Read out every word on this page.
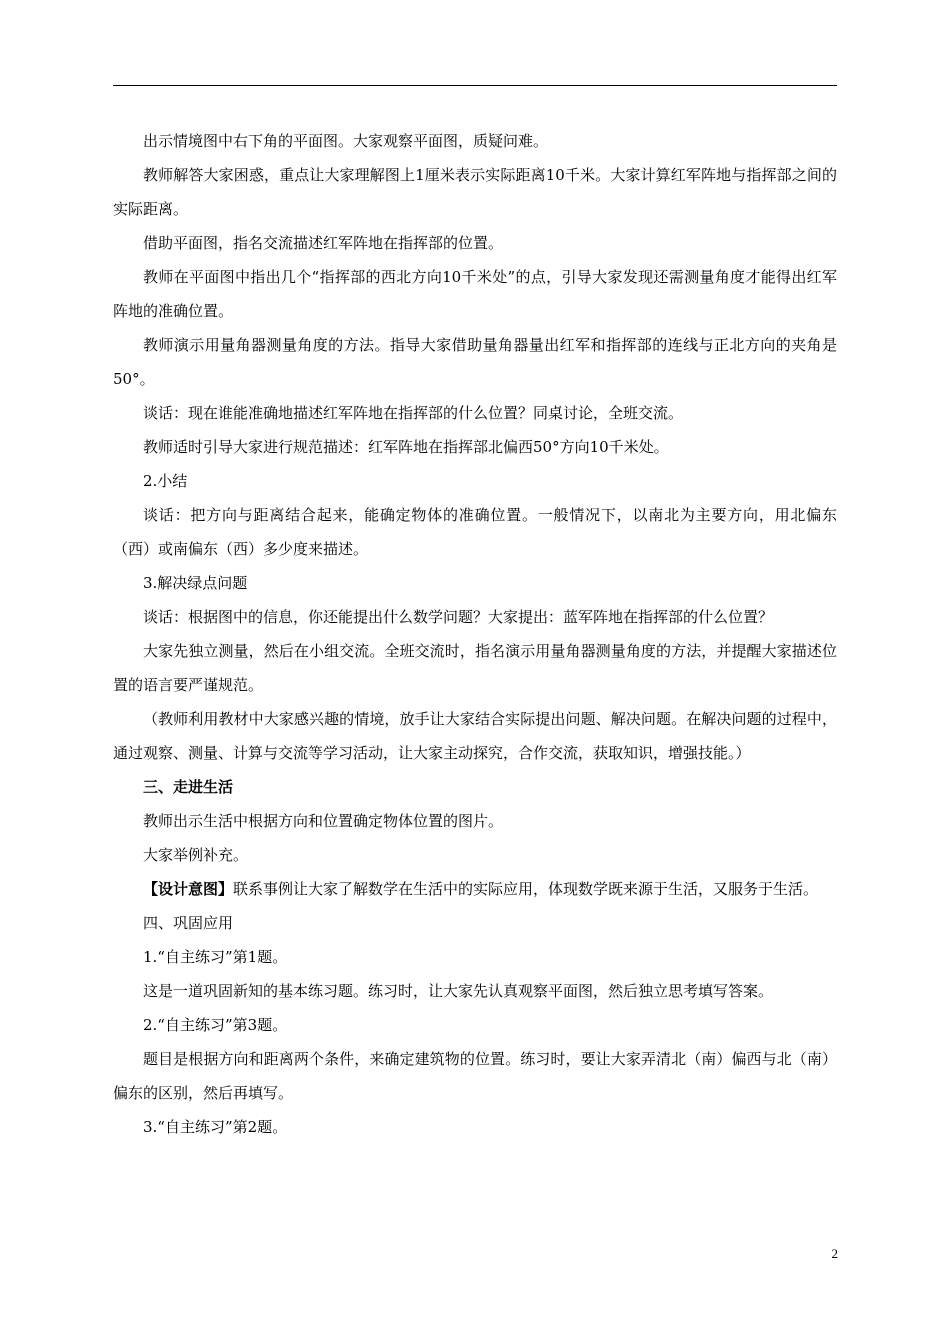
出示情境图中右下角的平面图。大家观察平面图，质疑问难。

教师解答大家困惑，重点让大家理解图上1厘米表示实际距离10千米。大家计算红军阵地与指挥部之间的实际距离。

借助平面图，指名交流描述红军阵地在指挥部的位置。

教师在平面图中指出几个“指挥部的西北方向10千米处”的点，引导大家发现还需测量角度才能得出红军阵地的准确位置。

教师演示用量角器测量角度的方法。指导大家借助量角器量出红军和指挥部的连线与正北方向的夹角是50°。

谈话：现在谁能准确地描述红军阵地在指挥部的什么位置？同桌讨论，全班交流。

教师适时引导大家进行规范描述：红军阵地在指挥部北偏西50°方向10千米处。

2.小结

谈话：把方向与距离结合起来，能确定物体的准确位置。一般情况下，以南北为主要方向，用北偏东（西）或南偏东（西）多少度来描述。

3.解决绿点问题

谈话：根据图中的信息，你还能提出什么数学问题？大家提出：蓝军阵地在指挥部的什么位置？

大家先独立测量，然后在小组交流。全班交流时，指名演示用量角器测量角度的方法，并提醒大家描述位置的语言要严谨规范。

（教师利用教材中大家感兴趣的情境，放手让大家结合实际提出问题、解决问题。在解决问题的过程中，通过观察、测量、计算与交流等学习活动，让大家主动探究，合作交流，获取知识，增强技能。）

三、走进生活

教师出示生活中根据方向和位置确定物体位置的图片。

大家举例补充。

【设计意图】联系事例让大家了解数学在生活中的实际应用，体现数学既来源于生活，又服务于生活。

四、巩固应用

1.“自主练习”第1题。

这是一道巩固新知的基本练习题。练习时，让大家先认真观察平面图，然后独立思考填写答案。

2.“自主练习”第3题。

题目是根据方向和距离两个条件，来确定建筑物的位置。练习时，要让大家弄清北（南）偏西与北（南）偏东的区别，然后再填写。

3.“自主练习”第2题。

2
